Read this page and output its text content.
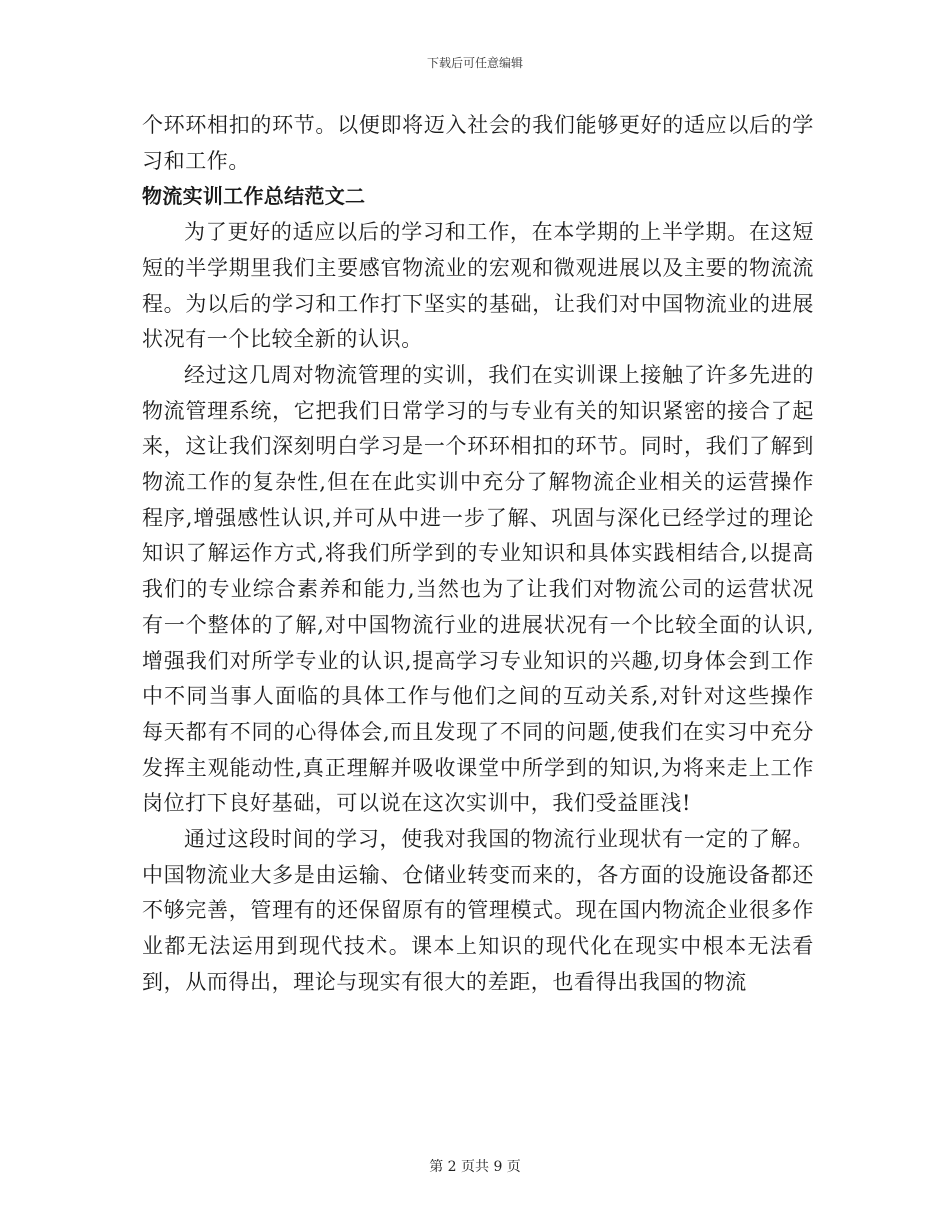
下载后可任意编辑

个环环相扣的环节。以便即将迈入社会的我们能够更好的适应以后的学习和工作。

物流实训工作总结范文二

为了更好的适应以后的学习和工作，在本学期的上半学期。在这短短的半学期里我们主要感官物流业的宏观和微观进展以及主要的物流流程。为以后的学习和工作打下坚实的基础，让我们对中国物流业的进展状况有一个比较全新的认识。

经过这几周对物流管理的实训，我们在实训课上接触了许多先进的物流管理系统，它把我们日常学习的与专业有关的知识紧密的接合了起来，这让我们深刻明白学习是一个环环相扣的环节。同时，我们了解到物流工作的复杂性,但在在此实训中充分了解物流企业相关的运营操作程序,增强感性认识,并可从中进一步了解、巩固与深化已经学过的理论知识了解运作方式,将我们所学到的专业知识和具体实践相结合,以提高我们的专业综合素养和能力,当然也为了让我们对物流公司的运营状况有一个整体的了解,对中国物流行业的进展状况有一个比较全面的认识,增强我们对所学专业的认识,提高学习专业知识的兴趣,切身体会到工作中不同当事人面临的具体工作与他们之间的互动关系,对针对这些操作每天都有不同的心得体会,而且发现了不同的问题,使我们在实习中充分发挥主观能动性,真正理解并吸收课堂中所学到的知识,为将来走上工作岗位打下良好基础，可以说在这次实训中，我们受益匪浅!

通过这段时间的学习，使我对我国的物流行业现状有一定的了解。中国物流业大多是由运输、仓储业转变而来的，各方面的设施设备都还不够完善，管理有的还保留原有的管理模式。现在国内物流企业很多作业都无法运用到现代技术。课本上知识的现代化在现实中根本无法看到，从而得出，理论与现实有很大的差距，也看得出我国的物流

第 2 页共 9 页
